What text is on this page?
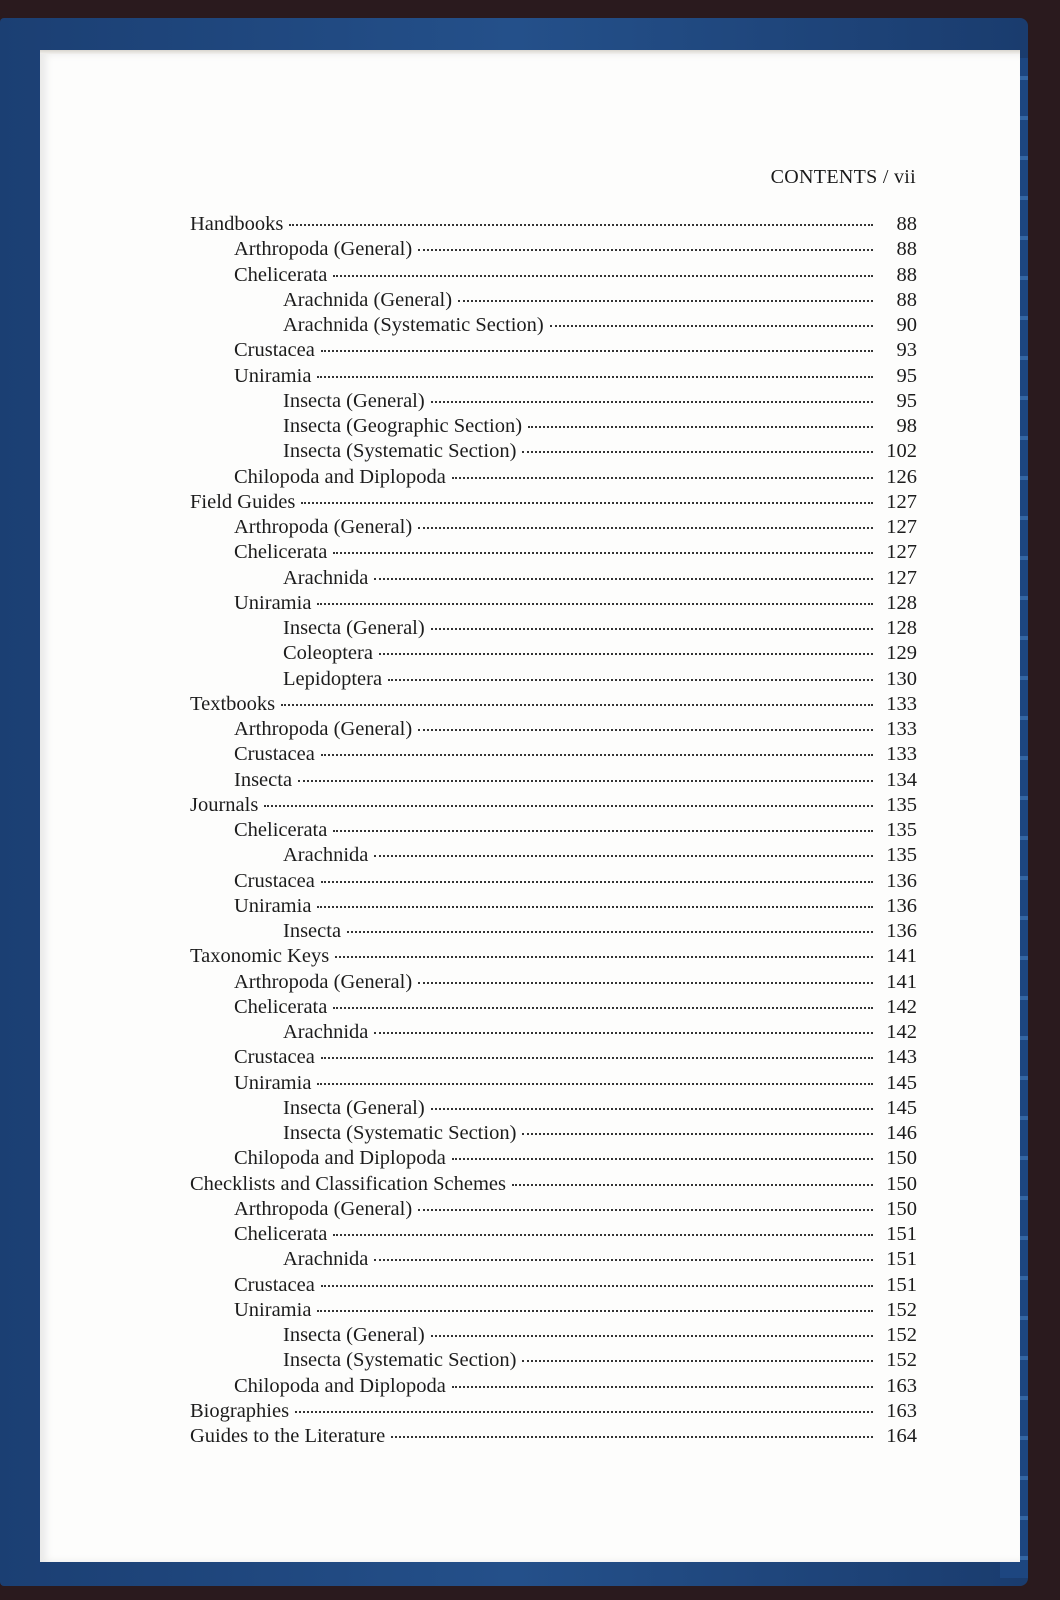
CONTENTS / vii
Handbooks	88
Arthropoda (General)	88
Chelicerata	88
Arachnida (General)	88
Arachnida (Systematic Section)	90
Crustacea	93
Uniramia	95
Insecta (General)	95
Insecta (Geographic Section)	98
Insecta (Systematic Section)	102
Chilopoda and Diplopoda	126
Field Guides	127
Arthropoda (General)	127
Chelicerata	127
Arachnida	127
Uniramia	128
Insecta (General)	128
Coleoptera	129
Lepidoptera	130
Textbooks	133
Arthropoda (General)	133
Crustacea	133
Insecta	134
Journals	135
Chelicerata	135
Arachnida	135
Crustacea	136
Uniramia	136
Insecta	136
Taxonomic Keys	141
Arthropoda (General)	141
Chelicerata	142
Arachnida	142
Crustacea	143
Uniramia	145
Insecta (General)	145
Insecta (Systematic Section)	146
Chilopoda and Diplopoda	150
Checklists and Classification Schemes	150
Arthropoda (General)	150
Chelicerata	151
Arachnida	151
Crustacea	151
Uniramia	152
Insecta (General)	152
Insecta (Systematic Section)	152
Chilopoda and Diplopoda	163
Biographies	163
Guides to the Literature	164
